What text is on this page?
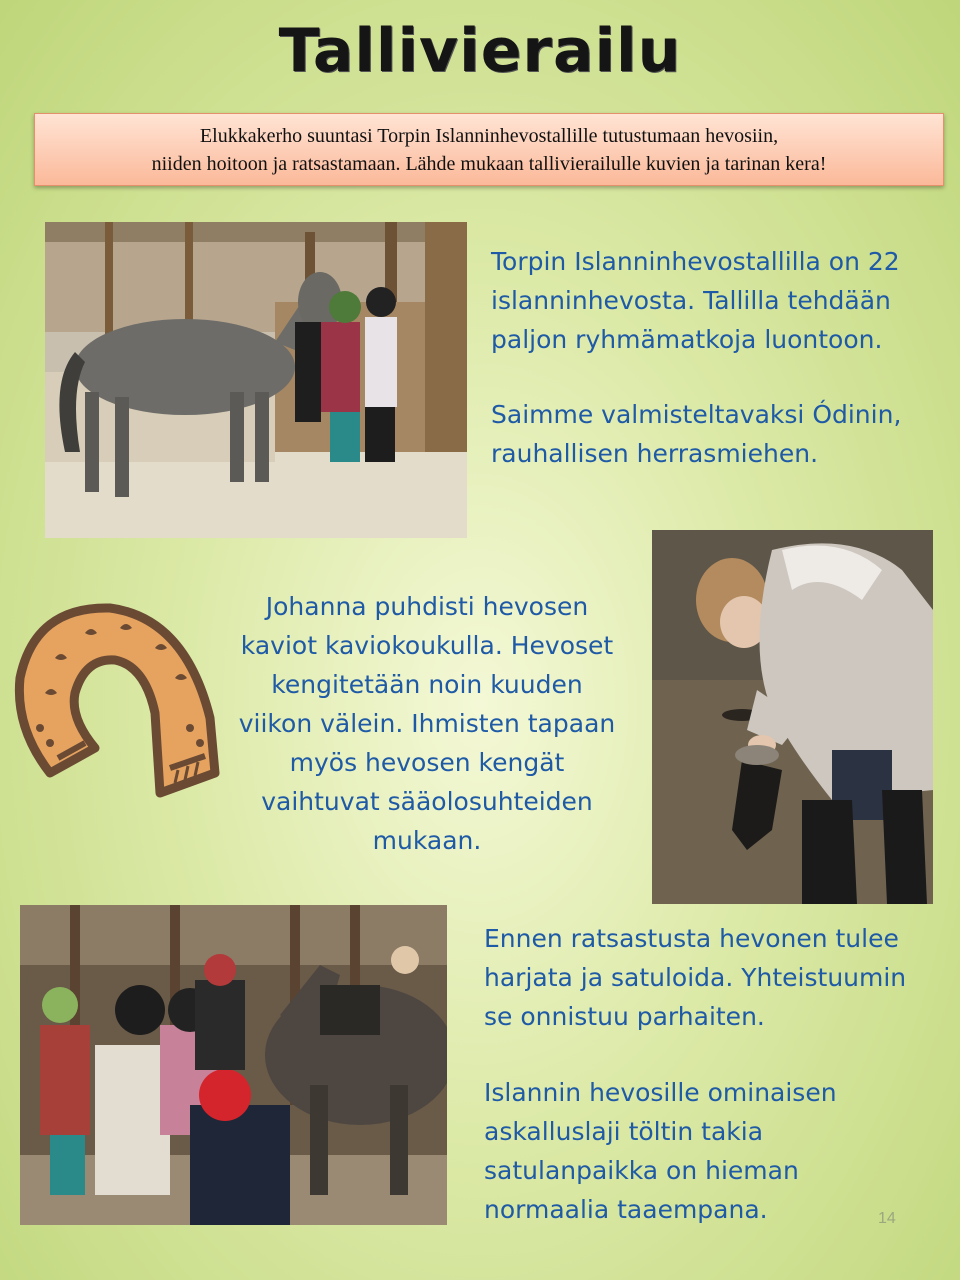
Tallivierailu
Elukkakerho suuntasi Torpin Islanninhevostallille tutustumaan hevosiin,
niiden hoitoon ja ratsastamaan. Lähde mukaan tallivierailulle kuvien ja tarinan kera!
Torpin Islanninhevostallilla on 22
islanninhevosta. Tallilla tehdään
paljon ryhmämatkoja luontoon.
Saimme valmisteltavaksi Ódinin,
rauhallisen herrasmiehen.
Johanna puhdisti hevosen
kaviot kaviokoukulla. Hevoset
kengitetään noin kuuden
viikon välein. Ihmisten tapaan
myös hevosen kengät
vaihtuvat sääolosuhteiden
mukaan.
Ennen ratsastusta hevonen tulee
harjata ja satuloida. Yhteistuumin
se onnistuu parhaiten.
Islannin hevosille ominaisen
askalluslaji töltin takia
satulanpaikka on hieman
normaalia taaempana.	14
